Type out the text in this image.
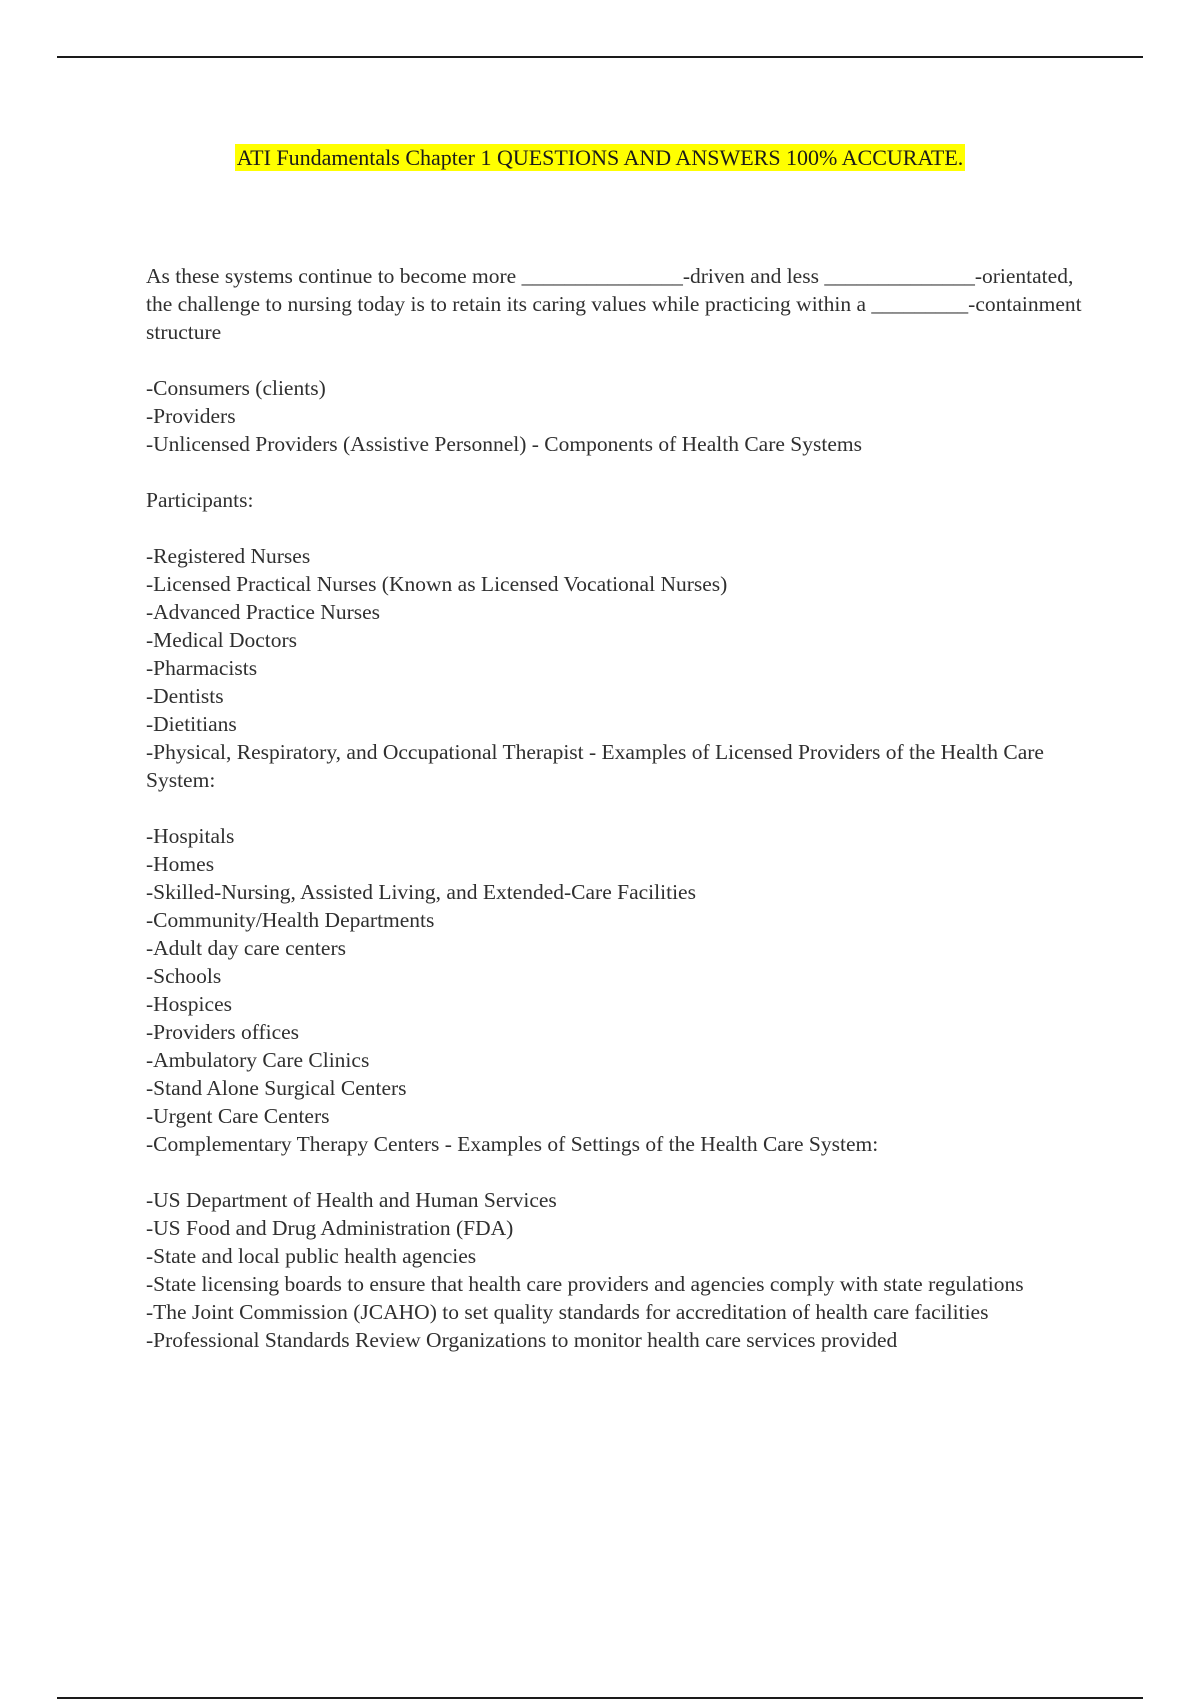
ATI Fundamentals Chapter 1 QUESTIONS AND ANSWERS 100% ACCURATE.

As these systems continue to become more _______________-driven and less ______________-orientated, the challenge to nursing today is to retain its caring values while practicing within a _________-containment structure

-Consumers (clients)
-Providers
-Unlicensed Providers (Assistive Personnel) - Components of Health Care Systems

Participants:

-Registered Nurses
-Licensed Practical Nurses (Known as Licensed Vocational Nurses)
-Advanced Practice Nurses
-Medical Doctors
-Pharmacists
-Dentists
-Dietitians
-Physical, Respiratory, and Occupational Therapist - Examples of Licensed Providers of the Health Care System:
-Hospitals
-Homes
-Skilled-Nursing, Assisted Living, and Extended-Care Facilities
-Community/Health Departments
-Adult day care centers
-Schools
-Hospices
-Providers offices
-Ambulatory Care Clinics
-Stand Alone Surgical Centers
-Urgent Care Centers
-Complementary Therapy Centers - Examples of Settings of the Health Care System:
-US Department of Health and Human Services
-US Food and Drug Administration (FDA)
-State and local public health agencies
-State licensing boards to ensure that health care providers and agencies comply with state regulations
-The Joint Commission (JCAHO) to set quality standards for accreditation of health care facilities
-Professional Standards Review Organizations to monitor health care services provided
